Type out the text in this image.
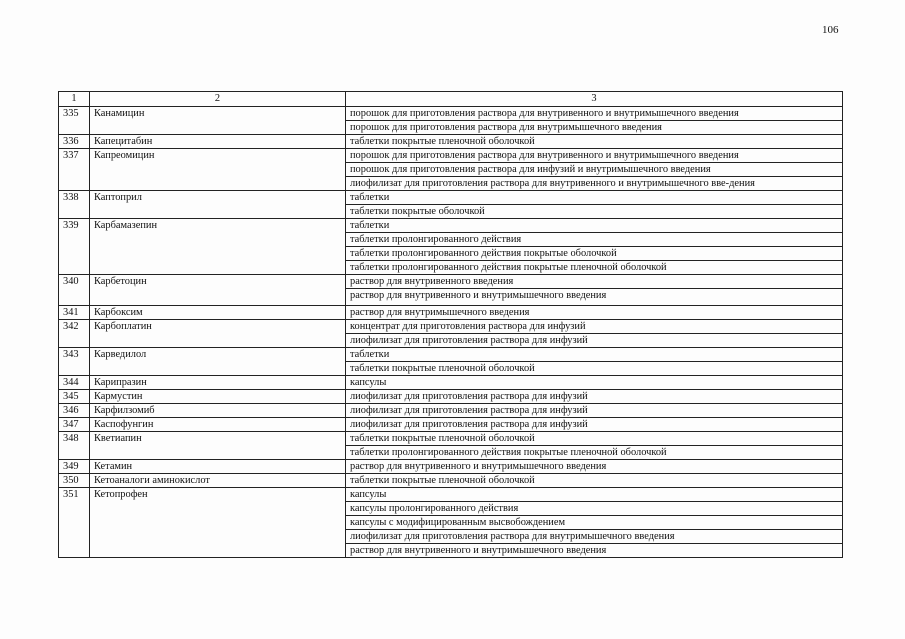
106
1	2	3
335	Канамицин	порошок для приготовления раствора для внутривенного и внутримышечного введения
		порошок для приготовления раствора для внутримышечного введения
336	Капецитабин	таблетки покрытые пленочной оболочкой
337	Капреомицин	порошок для приготовления раствора для внутривенного и внутримышечного введения
		порошок для приготовления раствора для инфузий и внутримышечного введения
		лиофилизат для приготовления раствора для внутривенного и внутримышечного вве-дения
338	Каптоприл	таблетки
		таблетки покрытые оболочкой
339	Карбамазепин	таблетки
		таблетки пролонгированного действия
		таблетки пролонгированного действия покрытые оболочкой
		таблетки пролонгированного действия покрытые пленочной оболочкой
340	Карбетоцин	раствор для внутривенного введения
		раствор для внутривенного и внутримышечного введения
341	Карбоксим	раствор для внутримышечного введения
342	Карбоплатин	концентрат для приготовления раствора для инфузий
		лиофилизат для приготовления раствора для инфузий
343	Карведилол	таблетки
		таблетки покрытые пленочной оболочкой
344	Карипразин	капсулы
345	Кармустин	лиофилизат для приготовления раствора для инфузий
346	Карфилзомиб	лиофилизат для приготовления раствора для инфузий
347	Каспофунгин	лиофилизат для приготовления раствора для инфузий
348	Кветиапин	таблетки покрытые пленочной оболочкой
		таблетки пролонгированного действия покрытые пленочной оболочкой
349	Кетамин	раствор для внутривенного и внутримышечного введения
350	Кетоаналоги аминокислот	таблетки покрытые пленочной оболочкой
351	Кетопрофен	капсулы
		капсулы пролонгированного действия
		капсулы с модифицированным высвобождением
		лиофилизат для приготовления раствора для внутримышечного введения
		раствор для внутривенного и внутримышечного введения
